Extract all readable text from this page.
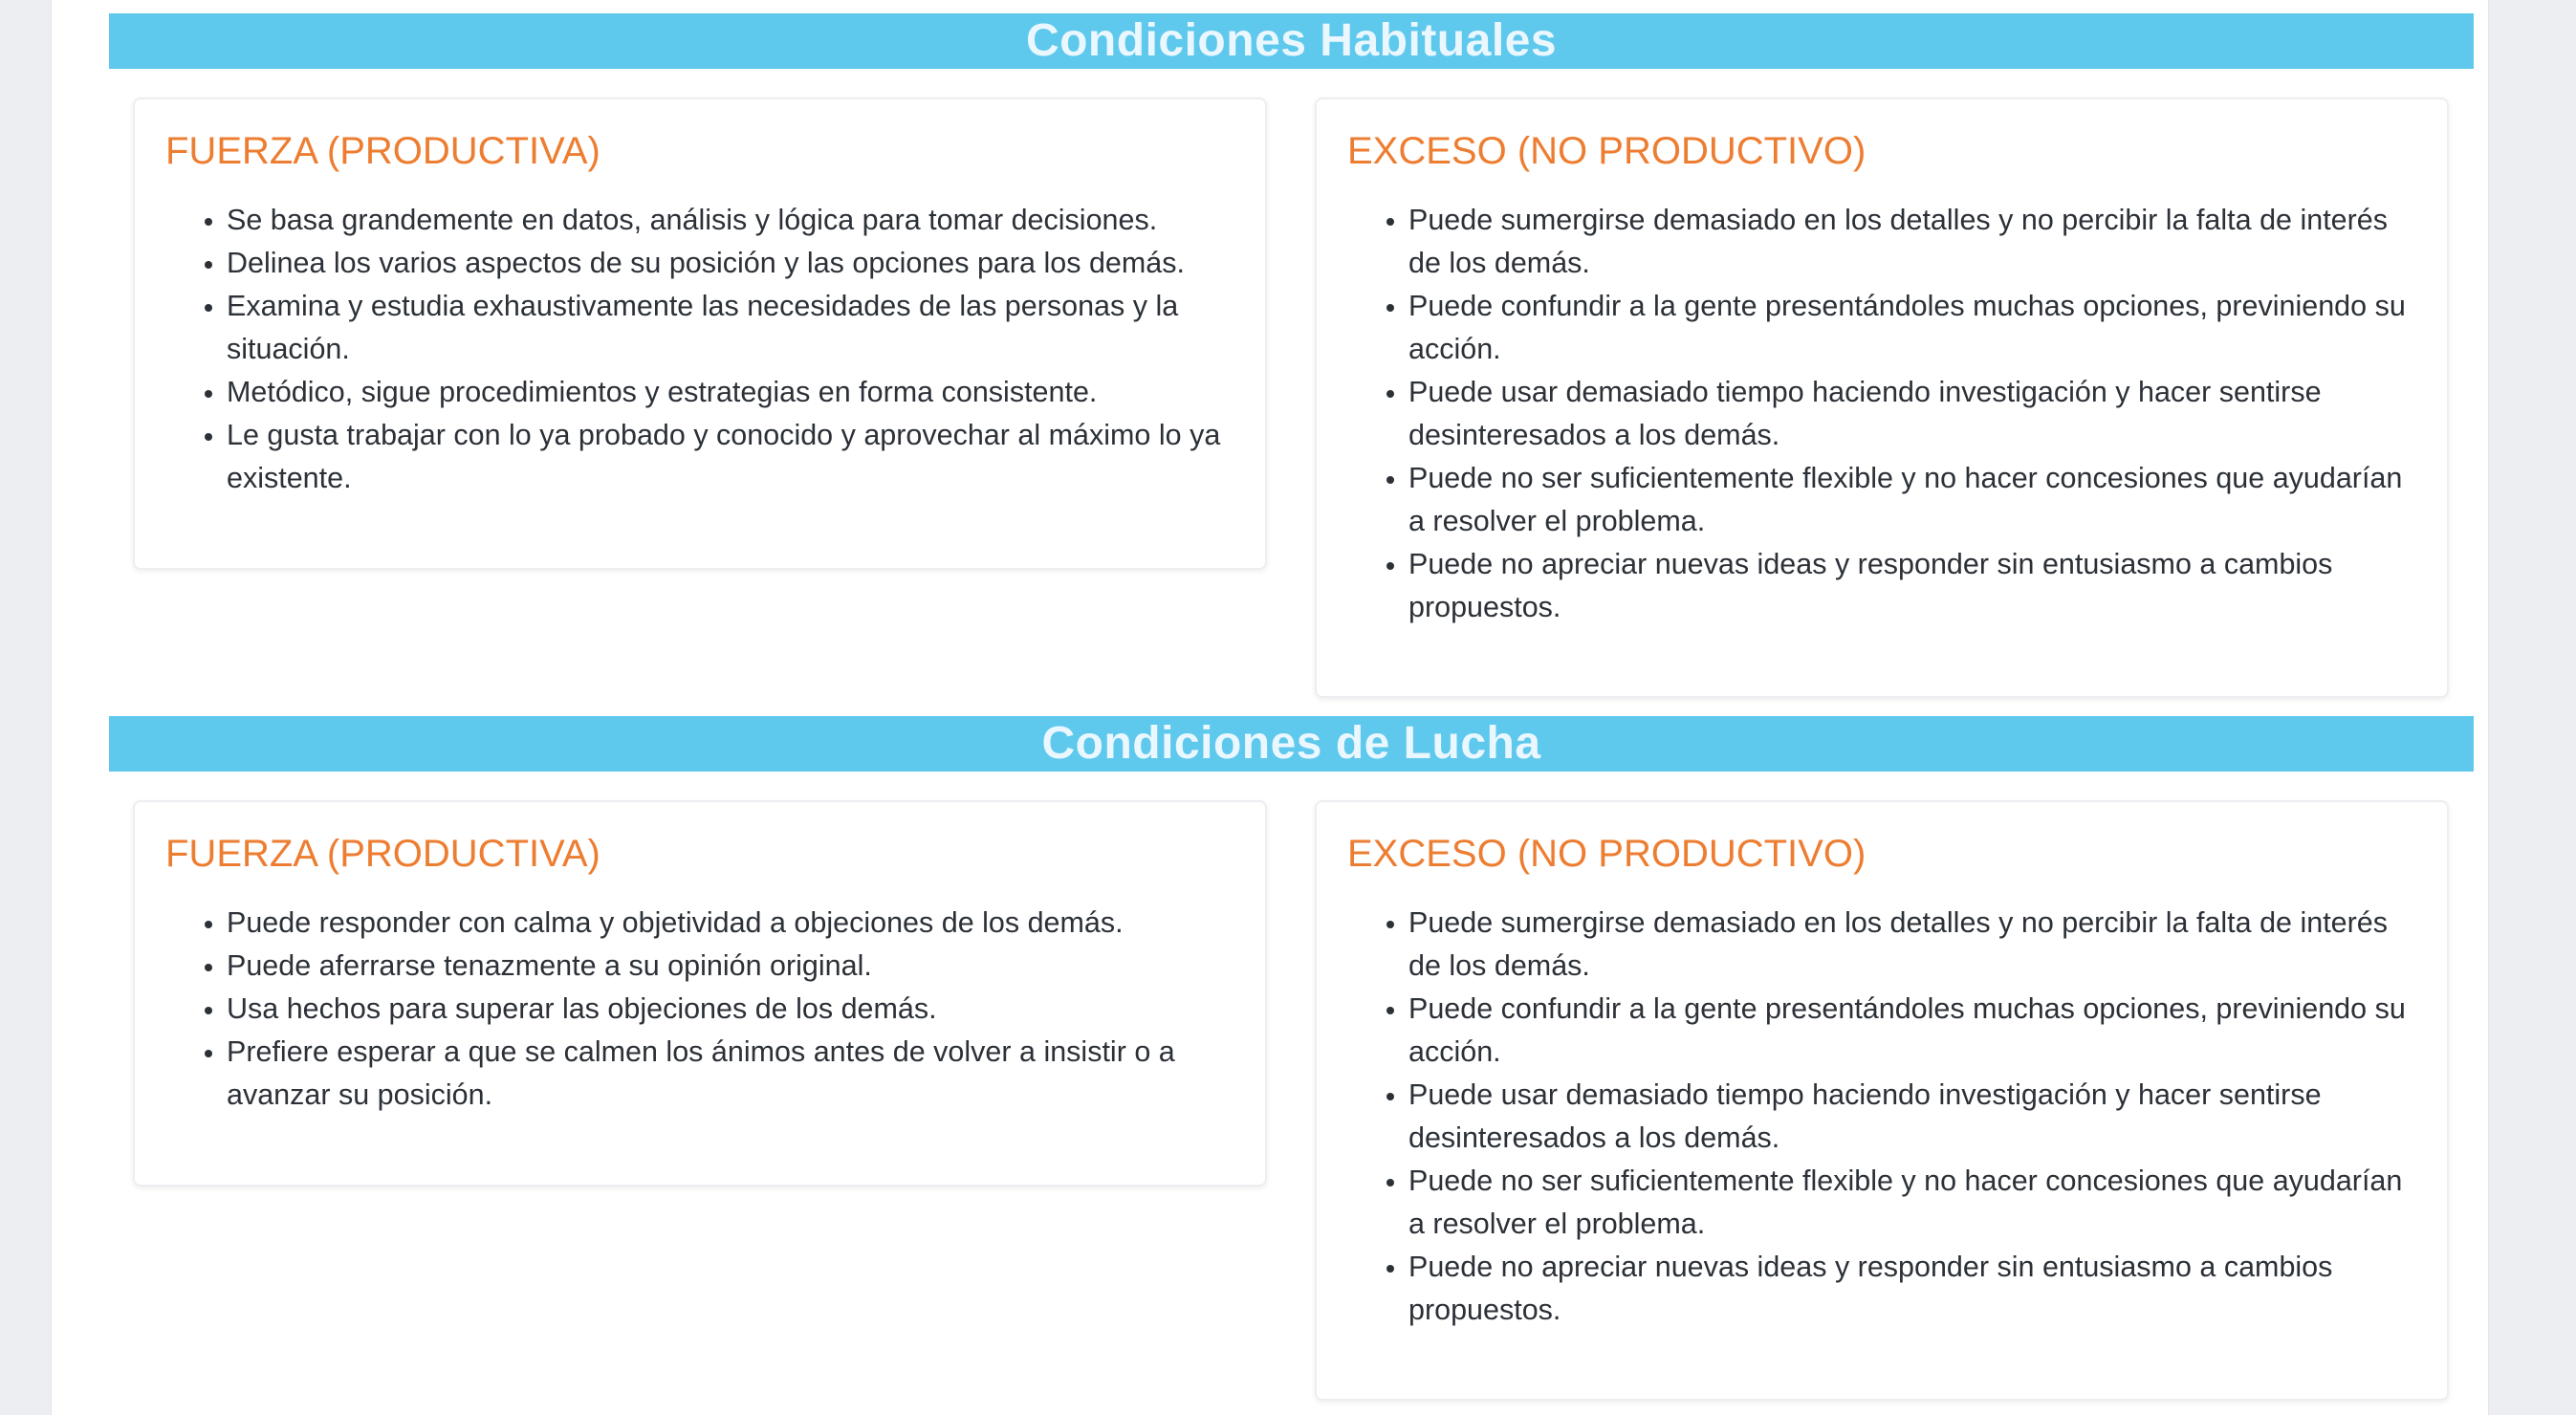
Condiciones Habituales
FUERZA (PRODUCTIVA)
• Se basa grandemente en datos, análisis y lógica para tomar decisiones.
• Delinea los varios aspectos de su posición y las opciones para los demás.
• Examina y estudia exhaustivamente las necesidades de las personas y la situación.
• Metódico, sigue procedimientos y estrategias en forma consistente.
• Le gusta trabajar con lo ya probado y conocido y aprovechar al máximo lo ya existente.
EXCESO (NO PRODUCTIVO)
• Puede sumergirse demasiado en los detalles y no percibir la falta de interés de los demás.
• Puede confundir a la gente presentándoles muchas opciones, previniendo su acción.
• Puede usar demasiado tiempo haciendo investigación y hacer sentirse desinteresados a los demás.
• Puede no ser suficientemente flexible y no hacer concesiones que ayudarían a resolver el problema.
• Puede no apreciar nuevas ideas y responder sin entusiasmo a cambios propuestos.
Condiciones de Lucha
FUERZA (PRODUCTIVA)
• Puede responder con calma y objetividad a objeciones de los demás.
• Puede aferrarse tenazmente a su opinión original.
• Usa hechos para superar las objeciones de los demás.
• Prefiere esperar a que se calmen los ánimos antes de volver a insistir o a avanzar su posición.
EXCESO (NO PRODUCTIVO)
• Puede sumergirse demasiado en los detalles y no percibir la falta de interés de los demás.
• Puede confundir a la gente presentándoles muchas opciones, previniendo su acción.
• Puede usar demasiado tiempo haciendo investigación y hacer sentirse desinteresados a los demás.
• Puede no ser suficientemente flexible y no hacer concesiones que ayudarían a resolver el problema.
• Puede no apreciar nuevas ideas y responder sin entusiasmo a cambios propuestos.
